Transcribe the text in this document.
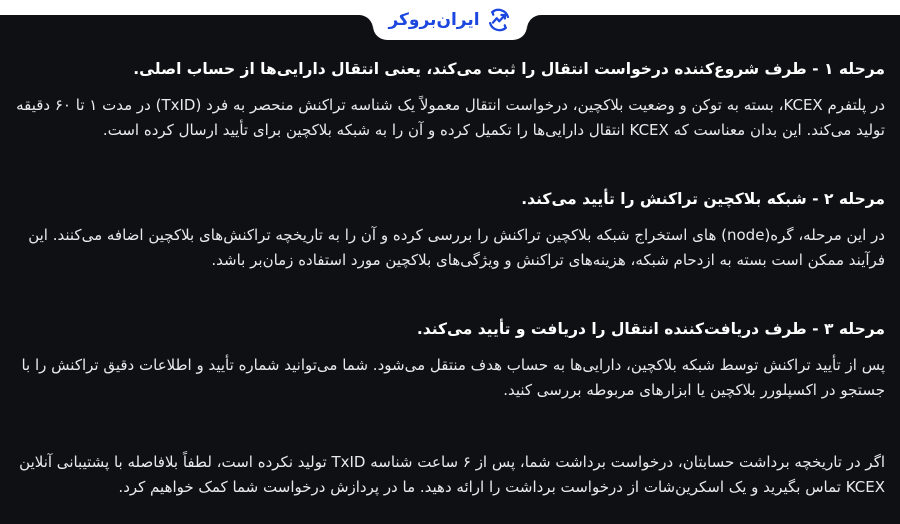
مرحله ۱ - طرف شروع‌کننده درخواست انتقال را ثبت می‌کند، یعنی انتقال دارایی‌ها از حساب اصلی.

در پلتفرم KCEX، بسته به توکن و وضعیت بلاکچین، درخواست انتقال معمولاً یک شناسه تراکنش منحصر به فرد (TxID) در مدت ۱ تا ۶۰ دقیقه تولید می‌کند. این بدان معناست که KCEX انتقال دارایی‌ها را تکمیل کرده و آن را به شبکه بلاکچین برای تأیید ارسال کرده است.

مرحله ۲ - شبکه بلاکچین تراکنش را تأیید می‌کند.

در این مرحله، گره(node) های استخراج شبکه بلاکچین تراکنش را بررسی کرده و آن را به تاریخچه تراکنش‌های بلاکچین اضافه می‌کنند. این فرآیند ممکن است بسته به ازدحام شبکه، هزینه‌های تراکنش و ویژگی‌های بلاکچین مورد استفاده زمان‌بر باشد.

مرحله ۳ - طرف دریافت‌کننده انتقال را دریافت و تأیید می‌کند.

پس از تأیید تراکنش توسط شبکه بلاکچین، دارایی‌ها به حساب هدف منتقل می‌شود. شما می‌توانید شماره تأیید و اطلاعات دقیق تراکنش را با جستجو در اکسپلورر بلاکچین یا ابزارهای مربوطه بررسی کنید.

اگر در تاریخچه برداشت حسابتان، درخواست برداشت شما، پس از ۶ ساعت شناسه TxID تولید نکرده است، لطفاً بلافاصله با پشتیبانی آنلاین KCEX تماس بگیرید و یک اسکرین‌شات از درخواست برداشت را ارائه دهید. ما در پردازش درخواست شما کمک خواهیم کرد.

ایران‌بروکر
